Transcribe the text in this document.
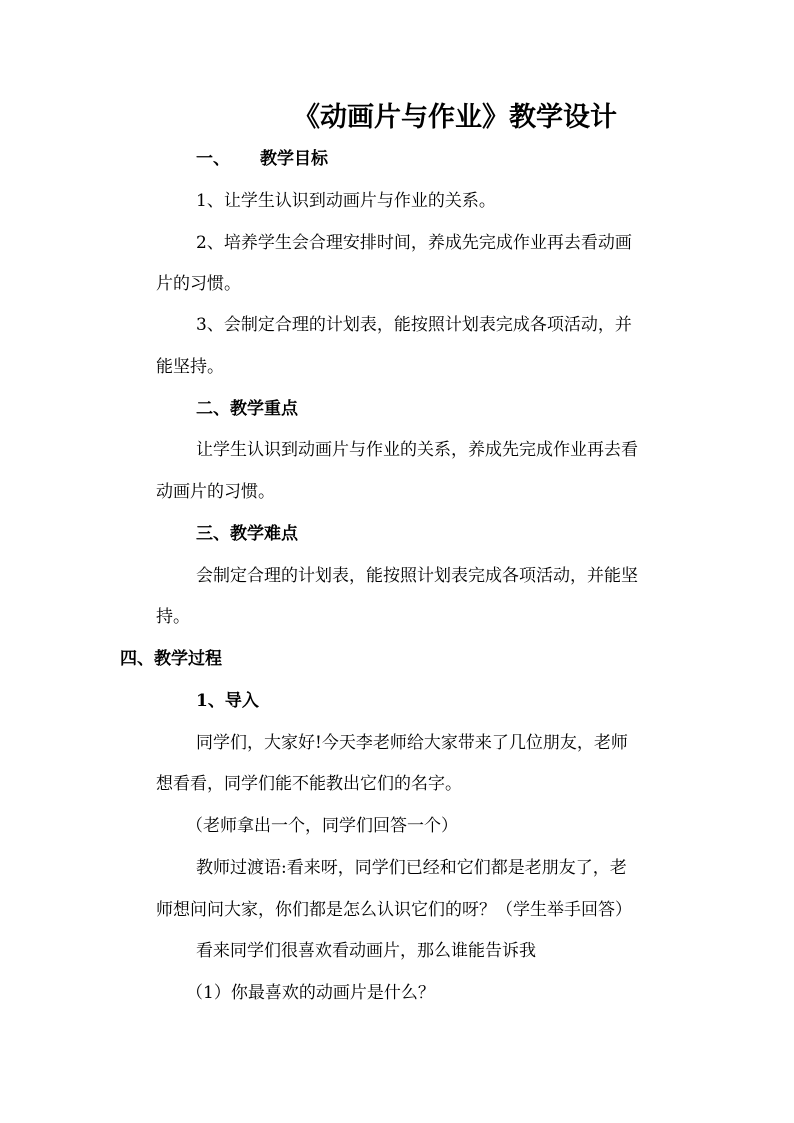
《动画片与作业》教学设计
一、 教学目标
1、让学生认识到动画片与作业的关系。
2、培养学生会合理安排时间，养成先完成作业再去看动画
片的习惯。
3、会制定合理的计划表，能按照计划表完成各项活动，并
能坚持。
二、教学重点
让学生认识到动画片与作业的关系，养成先完成作业再去看
动画片的习惯。
三、教学难点
会制定合理的计划表，能按照计划表完成各项活动，并能坚
持。
四、教学过程
1、导入
同学们，大家好!今天李老师给大家带来了几位朋友，老师
想看看，同学们能不能教出它们的名字。
（老师拿出一个，同学们回答一个）
教师过渡语:看来呀，同学们已经和它们都是老朋友了，老
师想问问大家，你们都是怎么认识它们的呀？（学生举手回答）
看来同学们很喜欢看动画片，那么谁能告诉我
（1）你最喜欢的动画片是什么？
